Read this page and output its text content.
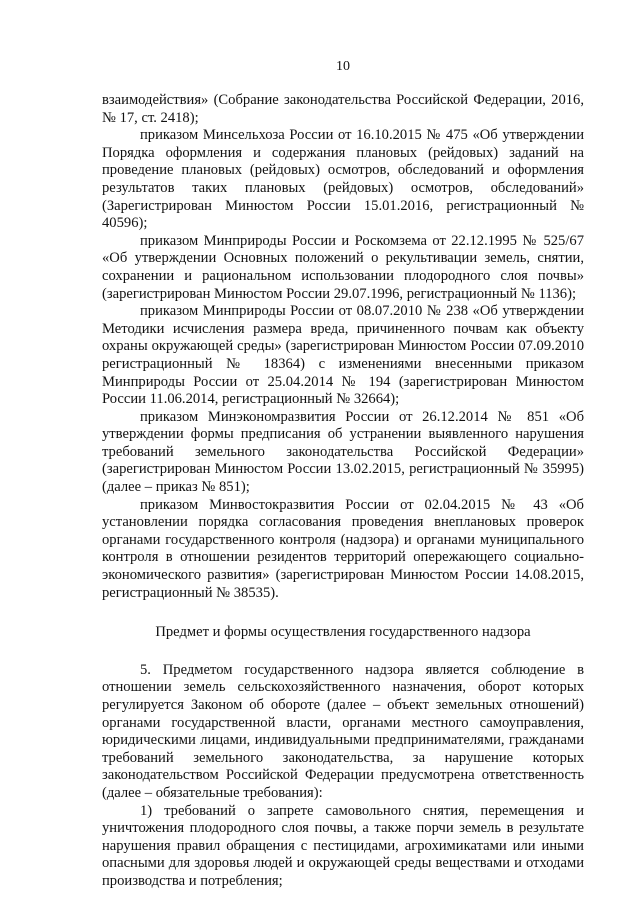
10

взаимодействия» (Собрание законодательства Российской Федерации, 2016, № 17, ст. 2418);

приказом Минсельхоза России от 16.10.2015 № 475 «Об утверждении Порядка оформления и содержания плановых (рейдовых) заданий на проведение плановых (рейдовых) осмотров, обследований и оформления результатов таких плановых (рейдовых) осмотров, обследований» (Зарегистрирован Минюстом России 15.01.2016, регистрационный № 40596);

приказом Минприроды России и Роскомзема от 22.12.1995 № 525/67 «Об утверждении Основных положений о рекультивации земель, снятии, сохранении и рациональном использовании плодородного слоя почвы» (зарегистрирован Минюстом России 29.07.1996, регистрационный № 1136);

приказом Минприроды России от 08.07.2010 № 238 «Об утверждении Методики исчисления размера вреда, причиненного почвам как объекту охраны окружающей среды» (зарегистрирован Минюстом России 07.09.2010 регистрационный № 18364) с изменениями внесенными приказом Минприроды России от 25.04.2014 № 194 (зарегистрирован Минюстом России 11.06.2014, регистрационный № 32664);

приказом Минэкономразвития России от 26.12.2014 № 851 «Об утверждении формы предписания об устранении выявленного нарушения требований земельного законодательства Российской Федерации» (зарегистрирован Минюстом России 13.02.2015, регистрационный № 35995) (далее – приказ № 851);

приказом Минвостокразвития России от 02.04.2015 № 43 «Об установлении порядка согласования проведения внеплановых проверок органами государственного контроля (надзора) и органами муниципального контроля в отношении резидентов территорий опережающего социально-экономического развития» (зарегистрирован Минюстом России 14.08.2015, регистрационный № 38535).

Предмет и формы осуществления государственного надзора

5. Предметом государственного надзора является соблюдение в отношении земель сельскохозяйственного назначения, оборот которых регулируется Законом об обороте (далее – объект земельных отношений) органами государственной власти, органами местного самоуправления, юридическими лицами, индивидуальными предпринимателями, гражданами требований земельного законодательства, за нарушение которых законодательством Российской Федерации предусмотрена ответственность (далее – обязательные требования):

1) требований о запрете самовольного снятия, перемещения и уничтожения плодородного слоя почвы, а также порчи земель в результате нарушения правил обращения с пестицидами, агрохимикатами или иными опасными для здоровья людей и окружающей среды веществами и отходами производства и потребления;
